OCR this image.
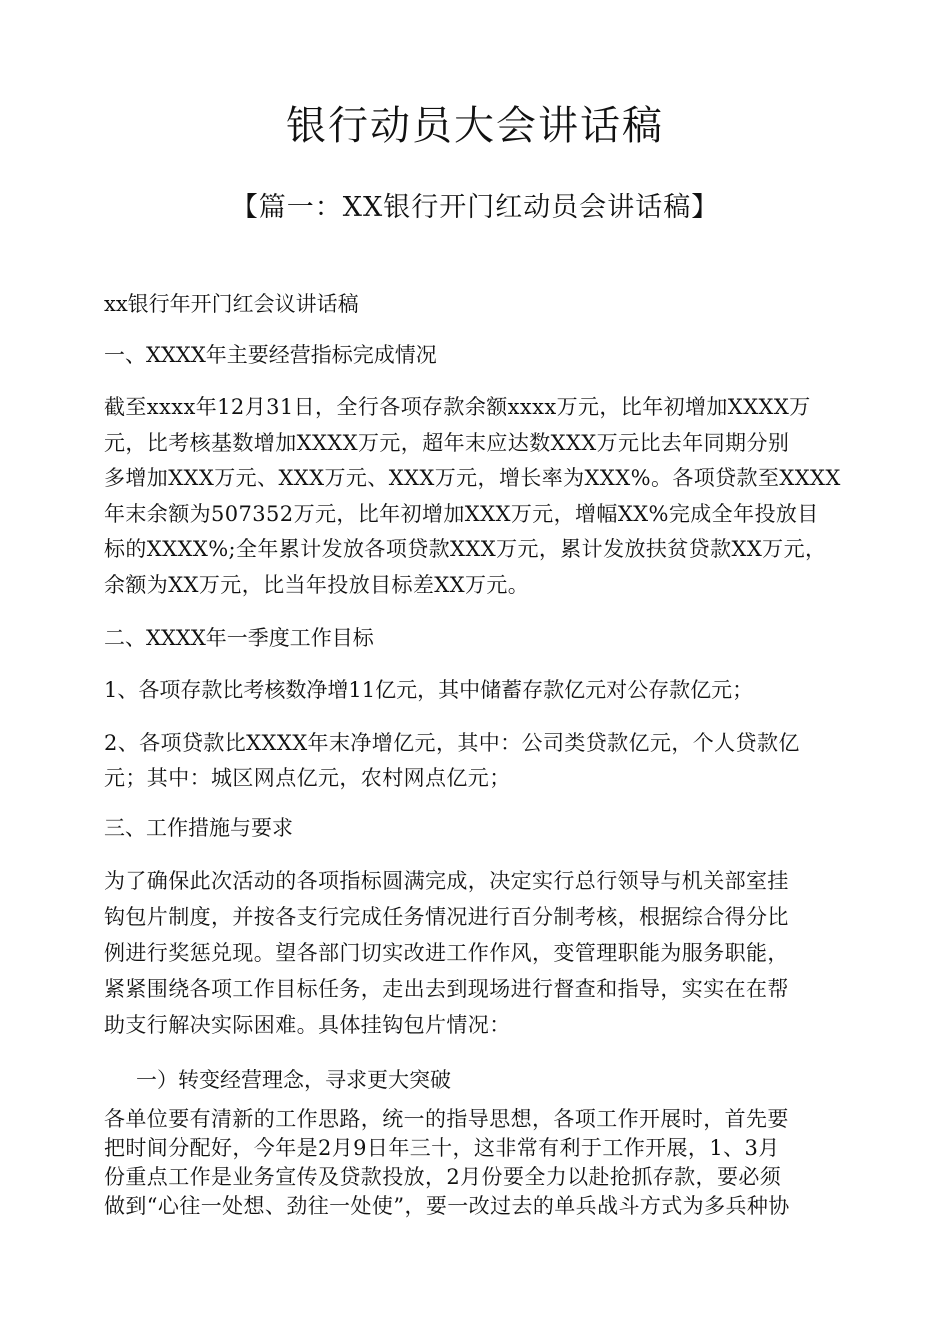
银行动员大会讲话稿
【篇一：XX银行开门红动员会讲话稿】
xx银行年开门红会议讲话稿
一、XXXX年主要经营指标完成情况
截至xxxx年12月31日，全行各项存款余额xxxx万元，比年初增加XXXX万
元，比考核基数增加XXXX万元，超年末应达数XXX万元比去年同期分别
多增加XXX万元、XXX万元、XXX万元，增长率为XXX%。各项贷款至XXXX
年末余额为507352万元，比年初增加XXX万元，增幅XX%完成全年投放目
标的XXXX%;全年累计发放各项贷款XXX万元，累计发放扶贫贷款XX万元，
余额为XX万元，比当年投放目标差XX万元。
二、XXXX年一季度工作目标
1、各项存款比考核数净增11亿元，其中储蓄存款亿元对公存款亿元；
2、各项贷款比XXXX年末净增亿元，其中：公司类贷款亿元，个人贷款亿
元；其中：城区网点亿元，农村网点亿元；
三、工作措施与要求
为了确保此次活动的各项指标圆满完成，决定实行总行领导与机关部室挂
钩包片制度，并按各支行完成任务情况进行百分制考核，根据综合得分比
例进行奖惩兑现。望各部门切实改进工作作风，变管理职能为服务职能，
紧紧围绕各项工作目标任务，走出去到现场进行督查和指导，实实在在帮
助支行解决实际困难。具体挂钩包片情况：
一）转变经营理念，寻求更大突破
各单位要有清新的工作思路，统一的指导思想，各项工作开展时，首先要
把时间分配好，今年是2月9日年三十，这非常有利于工作开展，1、3月
份重点工作是业务宣传及贷款投放，2月份要全力以赴抢抓存款，要必须
做到“心往一处想、劲往一处使”，要一改过去的单兵战斗方式为多兵种协
